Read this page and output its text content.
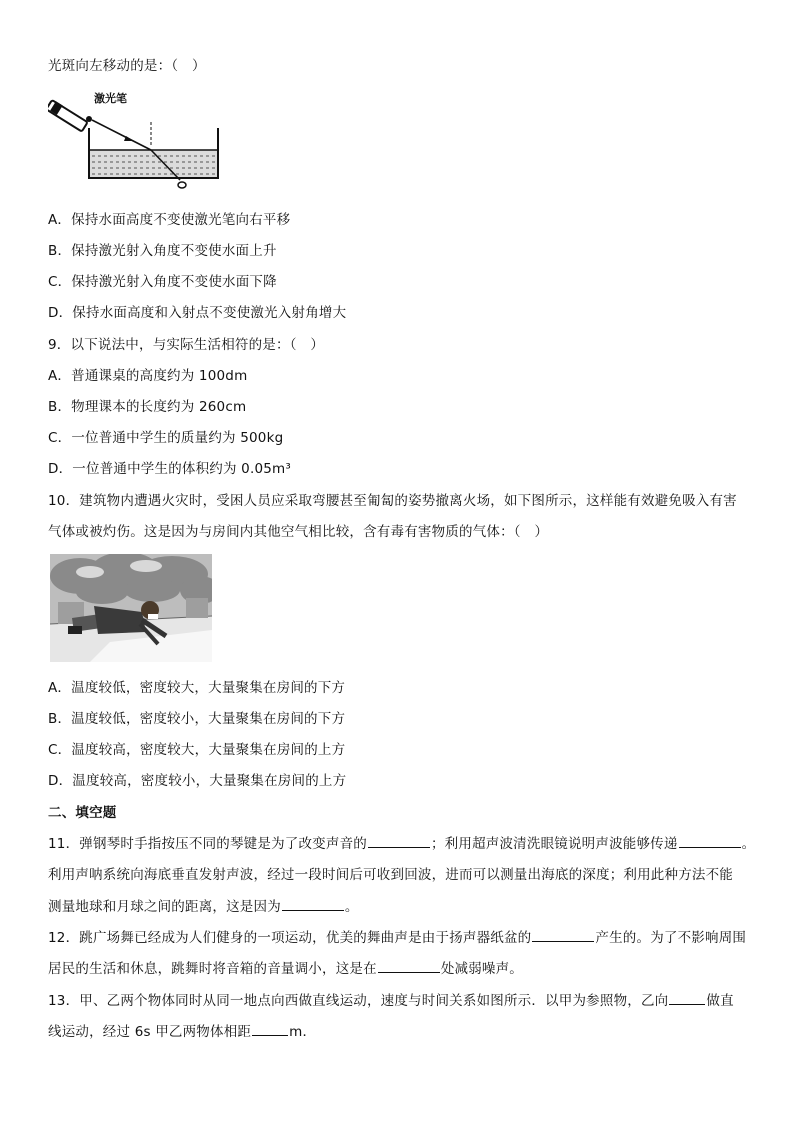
光斑向左移动的是：（　）
激光笔
A．保持水面高度不变使激光笔向右平移
B．保持激光射入角度不变使水面上升
C．保持激光射入角度不变使水面下降
D．保持水面高度和入射点不变使激光入射角增大
9．以下说法中，与实际生活相符的是：（　）
A．普通课桌的高度约为 100dm
B．物理课本的长度约为 260cm
C．一位普通中学生的质量约为 500kg
D．一位普通中学生的体积约为 0.05m³
10．建筑物内遭遇火灾时，受困人员应采取弯腰甚至匍匐的姿势撤离火场，如下图所示，这样能有效避免吸入有害
气体或被灼伤。这是因为与房间内其他空气相比较，含有毒有害物质的气体：（　）
A．温度较低，密度较大，大量聚集在房间的下方
B．温度较低，密度较小，大量聚集在房间的下方
C．温度较高，密度较大，大量聚集在房间的上方
D．温度较高，密度较小，大量聚集在房间的上方
二、填空题
11．弹钢琴时手指按压不同的琴键是为了改变声音的	；利用超声波清洗眼镜说明声波能够传递	。
利用声呐系统向海底垂直发射声波，经过一段时间后可收到回波，进而可以测量出海底的深度；利用此种方法不能
测量地球和月球之间的距离，这是因为	。
12．跳广场舞已经成为人们健身的一项运动，优美的舞曲声是由于扬声器纸盆的	产生的。为了不影响周围
居民的生活和休息，跳舞时将音箱的音量调小，这是在	处减弱噪声。
13．甲、乙两个物体同时从同一地点向西做直线运动，速度与时间关系如图所示．以甲为参照物，乙向	做直
线运动，经过 6s 甲乙两物体相距	m．
